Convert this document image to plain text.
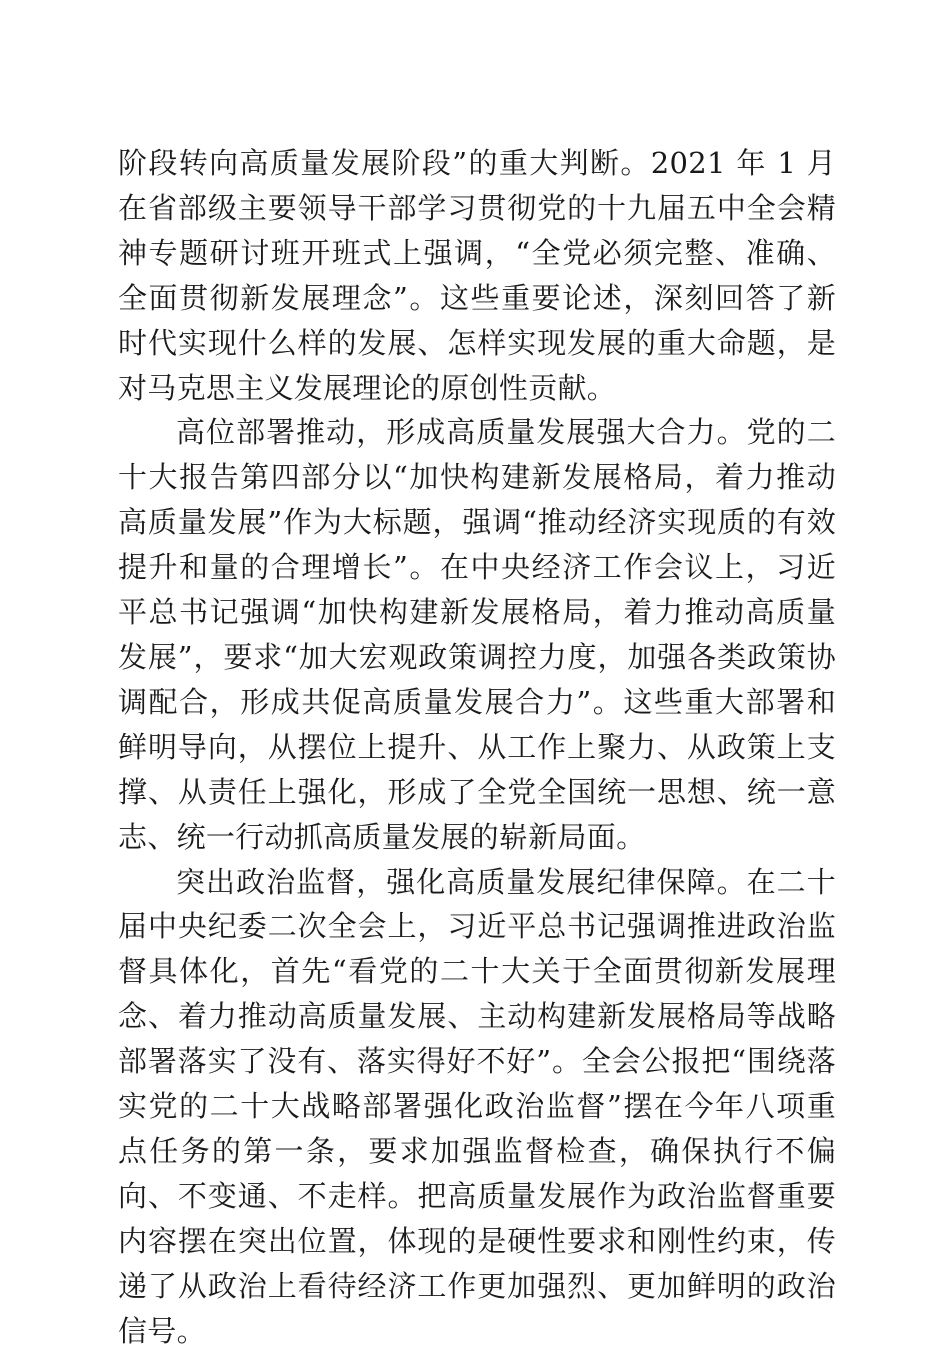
阶段转向高质量发展阶段”的重大判断。2021 年 1 月在省部级主要领导干部学习贯彻党的十九届五中全会精神专题研讨班开班式上强调，“全党必须完整、准确、全面贯彻新发展理念”。这些重要论述，深刻回答了新时代实现什么样的发展、怎样实现发展的重大命题，是对马克思主义发展理论的原创性贡献。

高位部署推动，形成高质量发展强大合力。党的二十大报告第四部分以“加快构建新发展格局，着力推动高质量发展”作为大标题，强调“推动经济实现质的有效提升和量的合理增长”。在中央经济工作会议上，习近平总书记强调“加快构建新发展格局，着力推动高质量发展”，要求“加大宏观政策调控力度，加强各类政策协调配合，形成共促高质量发展合力”。这些重大部署和鲜明导向，从摆位上提升、从工作上聚力、从政策上支撑、从责任上强化，形成了全党全国统一思想、统一意志、统一行动抓高质量发展的崭新局面。

突出政治监督，强化高质量发展纪律保障。在二十届中央纪委二次全会上，习近平总书记强调推进政治监督具体化，首先“看党的二十大关于全面贯彻新发展理念、着力推动高质量发展、主动构建新发展格局等战略部署落实了没有、落实得好不好”。全会公报把“围绕落实党的二十大战略部署强化政治监督”摆在今年八项重点任务的第一条，要求加强监督检查，确保执行不偏向、不变通、不走样。把高质量发展作为政治监督重要内容摆在突出位置，体现的是硬性要求和刚性约束，传递了从政治上看待经济工作更加强烈、更加鲜明的政治信号。
